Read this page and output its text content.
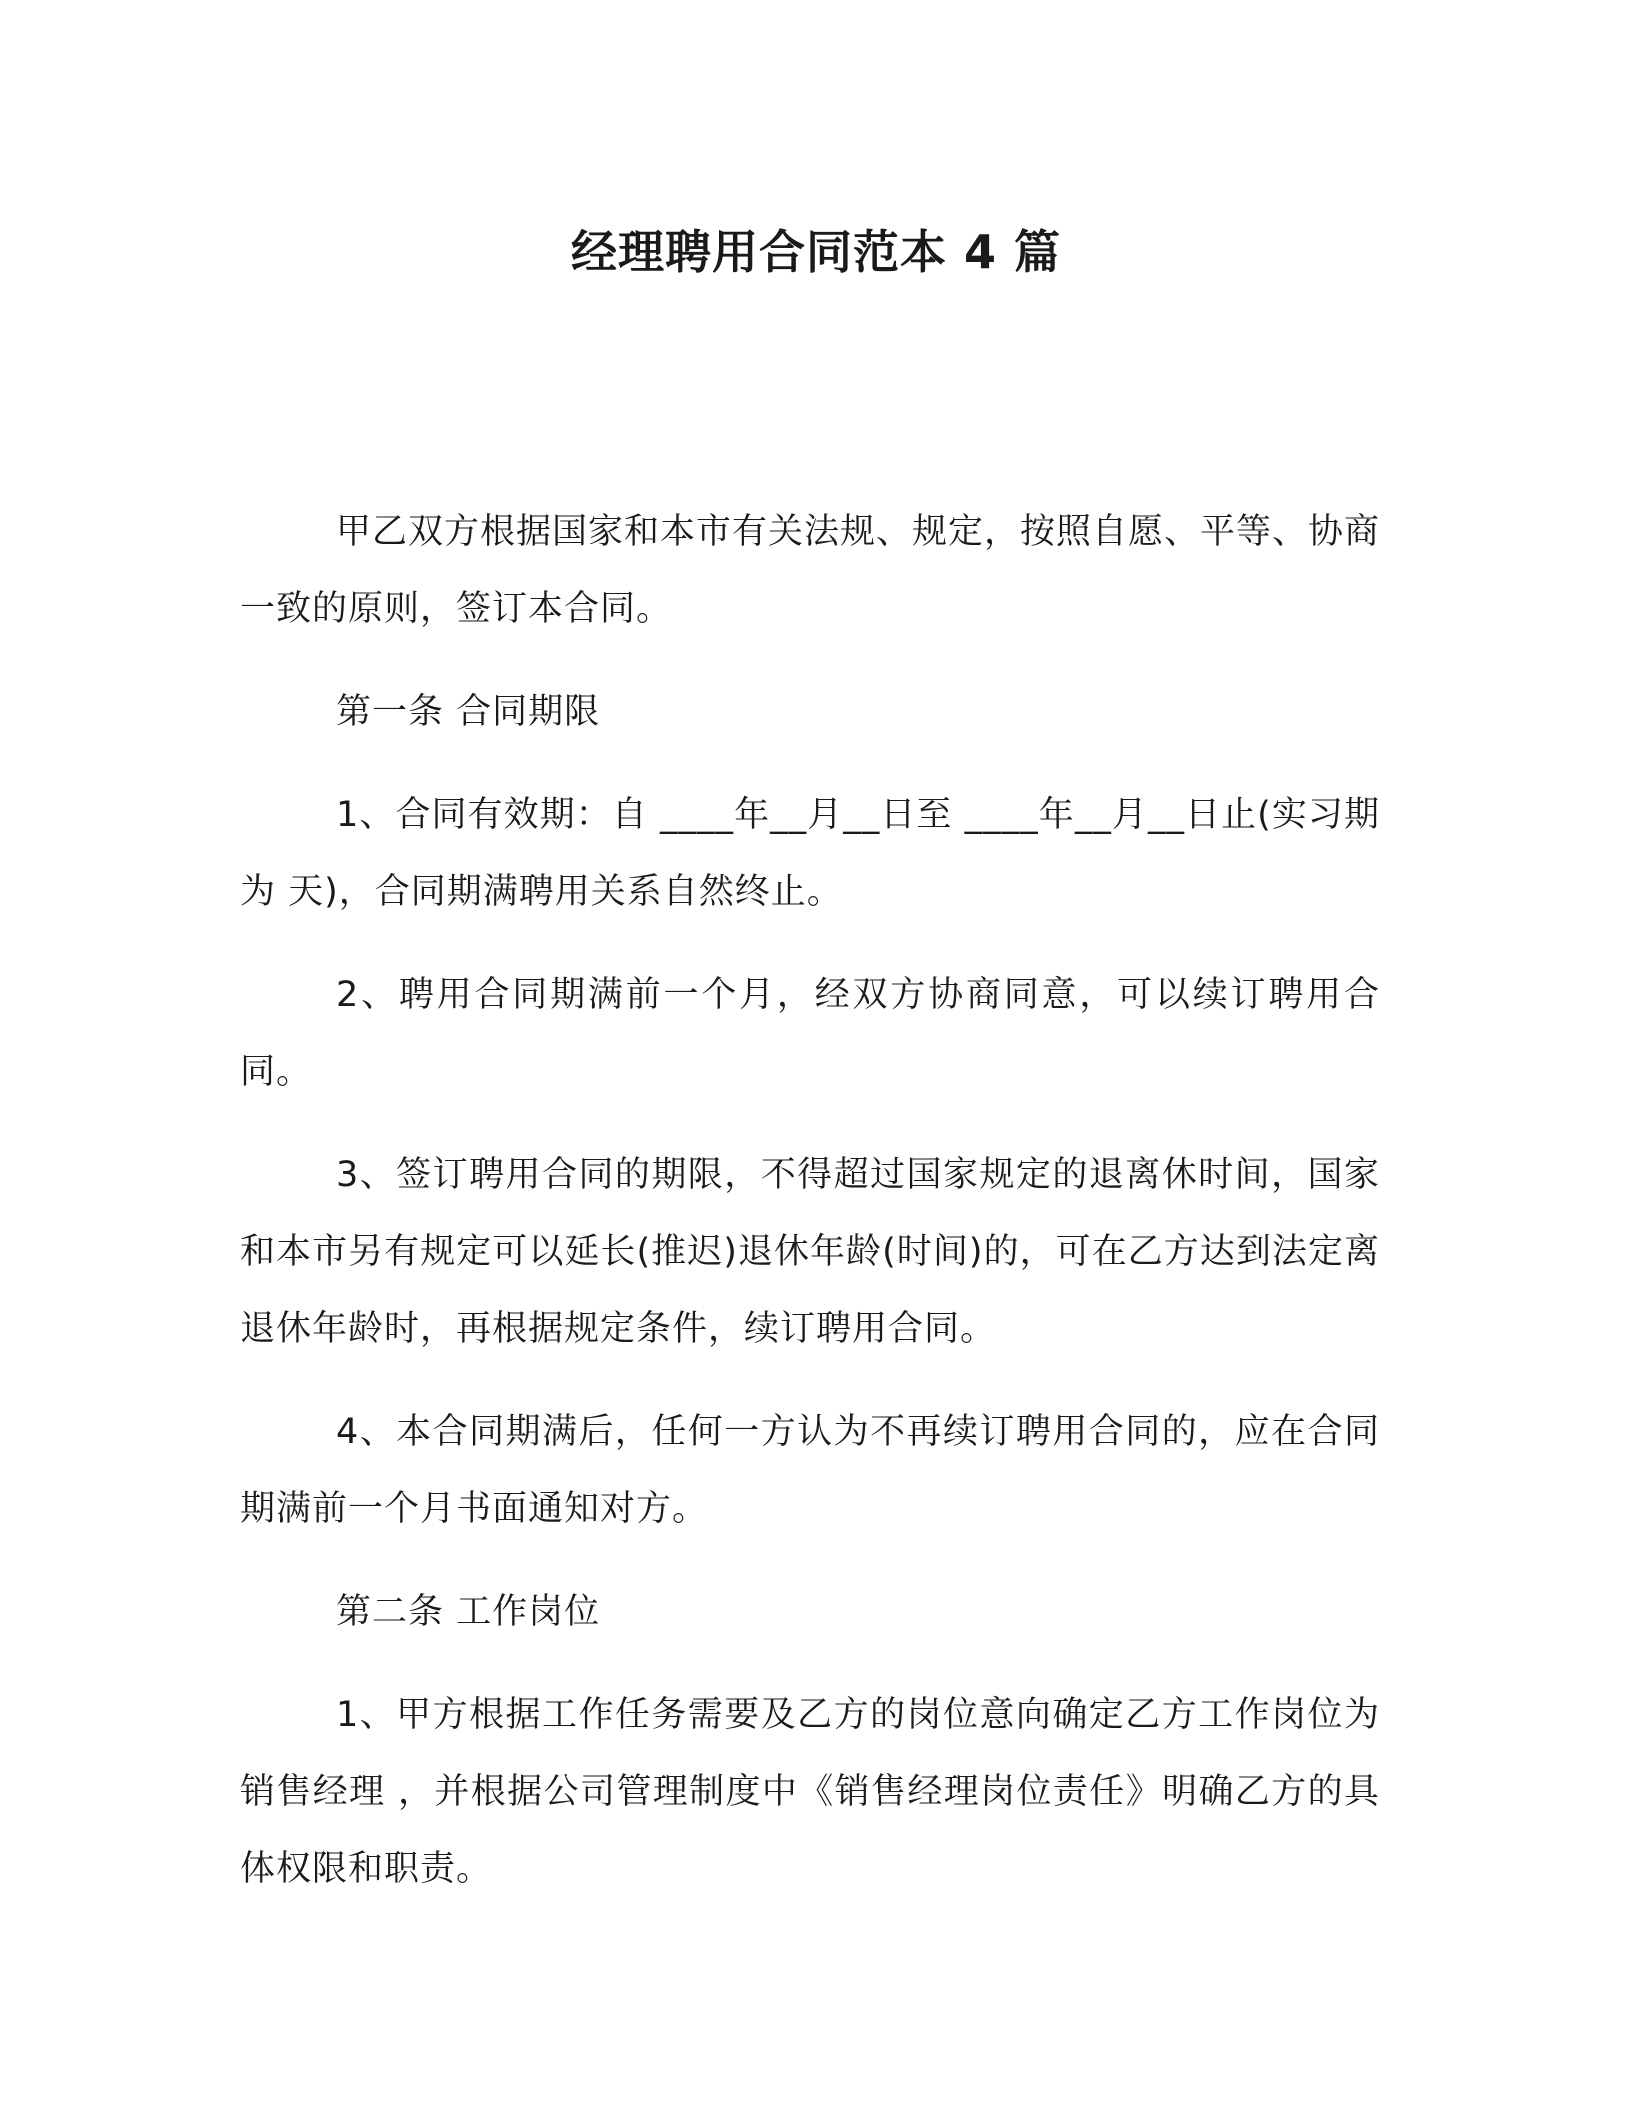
经理聘用合同范本 4 篇

甲乙双方根据国家和本市有关法规、规定，按照自愿、平等、协商一致的原则，签订本合同。

第一条 合同期限

1、合同有效期：自 ____年__月__日至 ____年__月__日止(实习期为 天)，合同期满聘用关系自然终止。

2、聘用合同期满前一个月，经双方协商同意，可以续订聘用合同。

3、签订聘用合同的期限，不得超过国家规定的退离休时间，国家和本市另有规定可以延长(推迟)退休年龄(时间)的，可在乙方达到法定离退休年龄时，再根据规定条件，续订聘用合同。

4、本合同期满后，任何一方认为不再续订聘用合同的，应在合同期满前一个月书面通知对方。

第二条 工作岗位

1、甲方根据工作任务需要及乙方的岗位意向确定乙方工作岗位为 销售经理 ，并根据公司管理制度中《销售经理岗位责任》明确乙方的具体权限和职责。
